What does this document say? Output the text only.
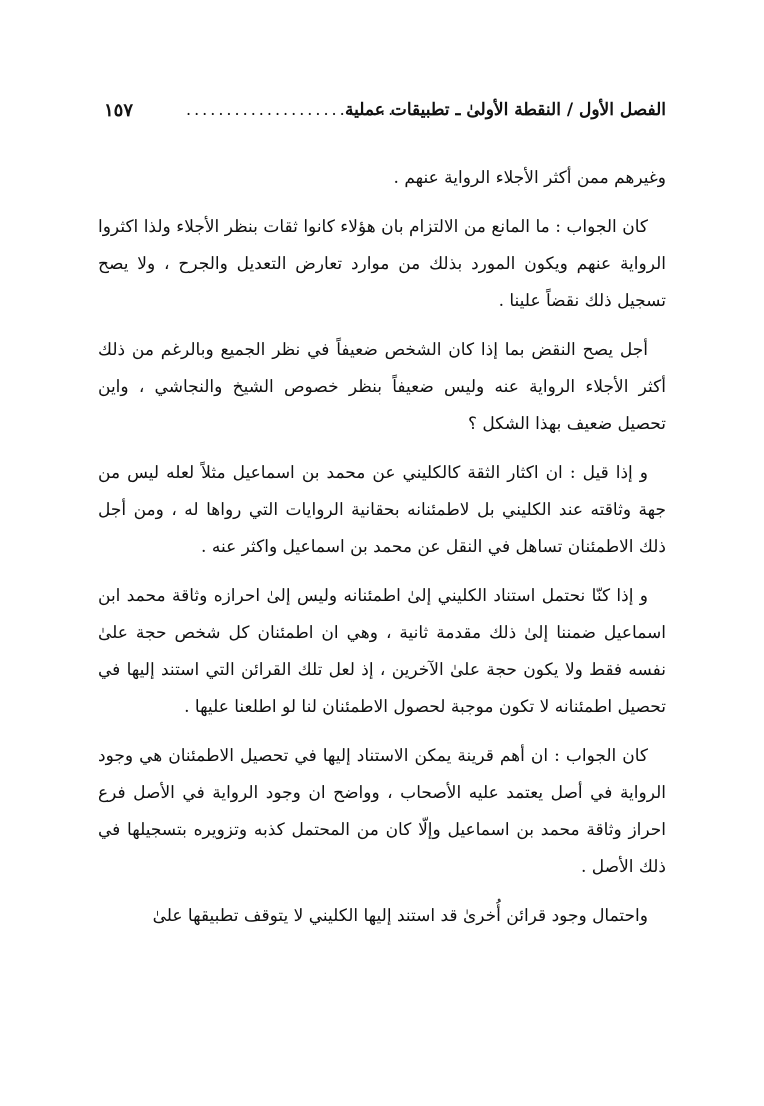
الفصل الأول / النقطة الأولىٰ ـ تطبيقات عملية
...........................
١٥٧

وغيرهم ممن أكثر الأجلاء الرواية عنهم .

كان الجواب : ما المانع من الالتزام بان هؤلاء كانوا ثقات بنظر الأجلاء ولذا اكثروا الرواية عنهم ويكون المورد بذلك من موارد تعارض التعديل والجرح ، ولا يصح تسجيل ذلك نقضاً علينا .

أجل يصح النقض بما إذا كان الشخص ضعيفاً في نظر الجميع وبالرغم من ذلك أكثر الأجلاء الرواية عنه وليس ضعيفاً بنظر خصوص الشيخ والنجاشي ، واين تحصيل ضعيف بهذا الشكل ؟

و إذا قيل : ان اكثار الثقة كالكليني عن محمد بن اسماعيل مثلاً لعله ليس من جهة وثاقته عند الكليني بل لاطمئنانه بحقانية الروايات التي رواها له ، ومن أجل ذلك الاطمئنان تساهل في النقل عن محمد بن اسماعيل واكثر عنه .

و إذا كنّا نحتمل استناد الكليني إلىٰ اطمئنانه وليس إلىٰ احرازه وثاقة محمد ابن اسماعيل ضمننا إلىٰ ذلك مقدمة ثانية ، وهي ان اطمئنان كل شخص حجة علىٰ نفسه فقط ولا يكون حجة علىٰ الآخرين ، إذ لعل تلك القرائن التي استند إليها في تحصيل اطمئنانه لا تكون موجبة لحصول الاطمئنان لنا لو اطلعنا عليها .

كان الجواب : ان أهم قرينة يمكن الاستناد إليها في تحصيل الاطمئنان هي وجود الرواية في أصل يعتمد عليه الأصحاب ، وواضح ان وجود الرواية في الأصل فرع احراز وثاقة محمد بن اسماعيل وإلّا كان من المحتمل كذبه وتزويره بتسجيلها في ذلك الأصل .

واحتمال وجود قرائن أُخرىٰ قد استند إليها الكليني لا يتوقف تطبيقها علىٰ
